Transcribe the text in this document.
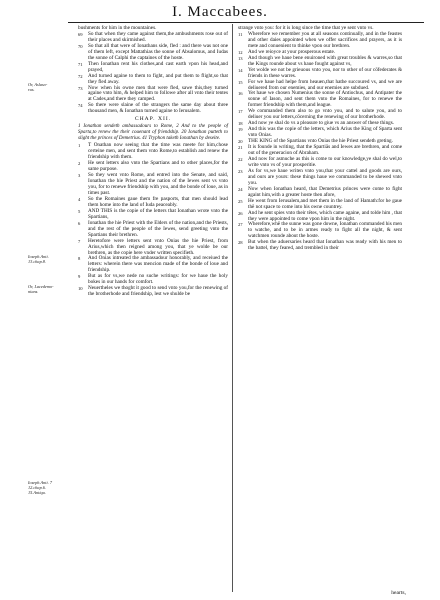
I. Maccabees.
bushments for him in the mountaines.
69 So that when they came against them,the ambushments rose out of their places and skirmished.
70 So that all that were of Ionathans side, fled : and there was not one of them left, except Mattathias the sonne of Absalomus, and Iudas the sonne of Calphi the captaines of the hoste.
71 Then Ionathan rent his clothes,and cast earth vpon his head,and prayed,
72 And turned againe to them to fight, and put them to flight,so that they fled away.
73 Now when his owne men that were fled, sawe this,they turned againe vnto him, & helped him to followe after all vnto their tentes at Cades,and there they camped.
74 So there were slaine of the strangers the same day about three thousand men, & Ionathan turned againe to Ierusalem.
CHAP. XII.
1 Ionathan sendeth ambassadours to Rome, 2 And to the people of Sparta,to renew the their couenant of friendship. 20 Ionathan putteth to slight the princes of Demetrius. 41 Tryphon taketh Ionathan by deseite.
1 T Onathan now seeing that the time was meete for him,chose certeine men, and sent them vnto Rome,to establish and renew the friendship with them.
2 He sent letters also vnto the Spartians and to other places,for the same purpose.
3 So they went vnto Rome, and entred into the Senate, and said, Ionathan the hie Priest and the nation of the Iewes sent vs vnto you, for to renewe friendship with you, and the bonde of loue, as in times past.
4 So the Romaines gaue them fre pasports, that men should lead them home into the land of Iuda peaceably.
5 AND THIS is the copie of the letters that Ionathan wrote vnto the Spartians,
6 Ionathan the hie Priest with the Elders of the nation,and the Priests, and the rest of the people of the Iewes, send greeting vnto the Spartians their brethren.
7 Heretofore were letters sent vnto Onias the hie Priest, from Arius,which then reigned among you, that ye wolde be our brethren, as the copie here vnder written specifieth.
8 And Onias intreated the ambassadour honorably, and receiued the letters: wherein there was mencion made of the bonde of loue and friendship.
9 But as for vs,we nede no suche writings: for we haue the holy bokes in our hands for comfort.
10 Neuertheles we thoght it good to send vnto you,for the renewing of the brotherhode and friendship, lest we shulde be
strange vnto you: for it is long since the time that ye sent vnto vs.
11 Wherefore we remember you at all seasons continually, and in the feastes and other daies appointed when we offer sacrifices and prayers, as it is mete and conuenient to thinke vpon our brethren.
12 And we reioyce at your prosperous estate.
13 And though we haue bene enuironed with great troubles & warres,so that the Kings rounde about vs haue fought against vs,
14 Yet wolde we not be grieuous vnto you, nor to other of our cōfederates & friends in these warres.
15 For we haue had helpe from heauen,that hathe succoured vs, and we are deliuered from our enemies, and our enemies are subdued.
16 Yet haue we chosen Numenius the sonne of Antiochus, and Antipater the sonne of Iason, and sent them vnto the Romaines, for to renewe the former friendship with them,and league.
17 We commanded them also to go vnto you, and to salute you, and to deliuer you our letters,cōcerning the renewing of our brotherhode.
18 And now ye shal do vs a pleasure to giue vs an answer of these things.
19 And this was the copie of the letters, which Arius the King of Sparta sent vnto Onias.
20 THE KING of the Spartians vnto Onias the hie Priest sendeth greting.
21 It is founde in writing, that the Spartiās and Iewes are brethren, and come out of the generacion of Abraham.
22 And now for asmuche as this is come to our knowledge,ye shal do wel,to write vnto vs of your prosperitie.
23 As for vs,we haue writen vnto you,that your cattel and goods are ours, and ours are yours: these things haue we commanded to be shewed vnto you.
24 Now when Ionathan heard, that Demetrius princes were come to fight againt him,with a greater hoste then afore,
25 He went from Ierusalem,and met them in the land of Hamath:for he gaue thē not space to come into his owne countrey.
26 And he sent spies vnto their tētes, which came againe, and tolde him , that they were appointed to come vpon him in the night.
27 Wherefore,whē the sunne was gone downe, Ionathan commanded his men to watche, and to be in armes ready to fight all the night, & sent watchmen rounde about the hoste.
28 But when the aduersaries heard that Ionathan was ready with his men to the battel, they feared, and trembled in their
Or, Aslaso-
rus.
Ioseph.Anti.
13.chap.8.
Or, Lacedemo-
nians.
Ioseph.Anti. 7
12.chap.6.
15.Antiqu.
hearts,
